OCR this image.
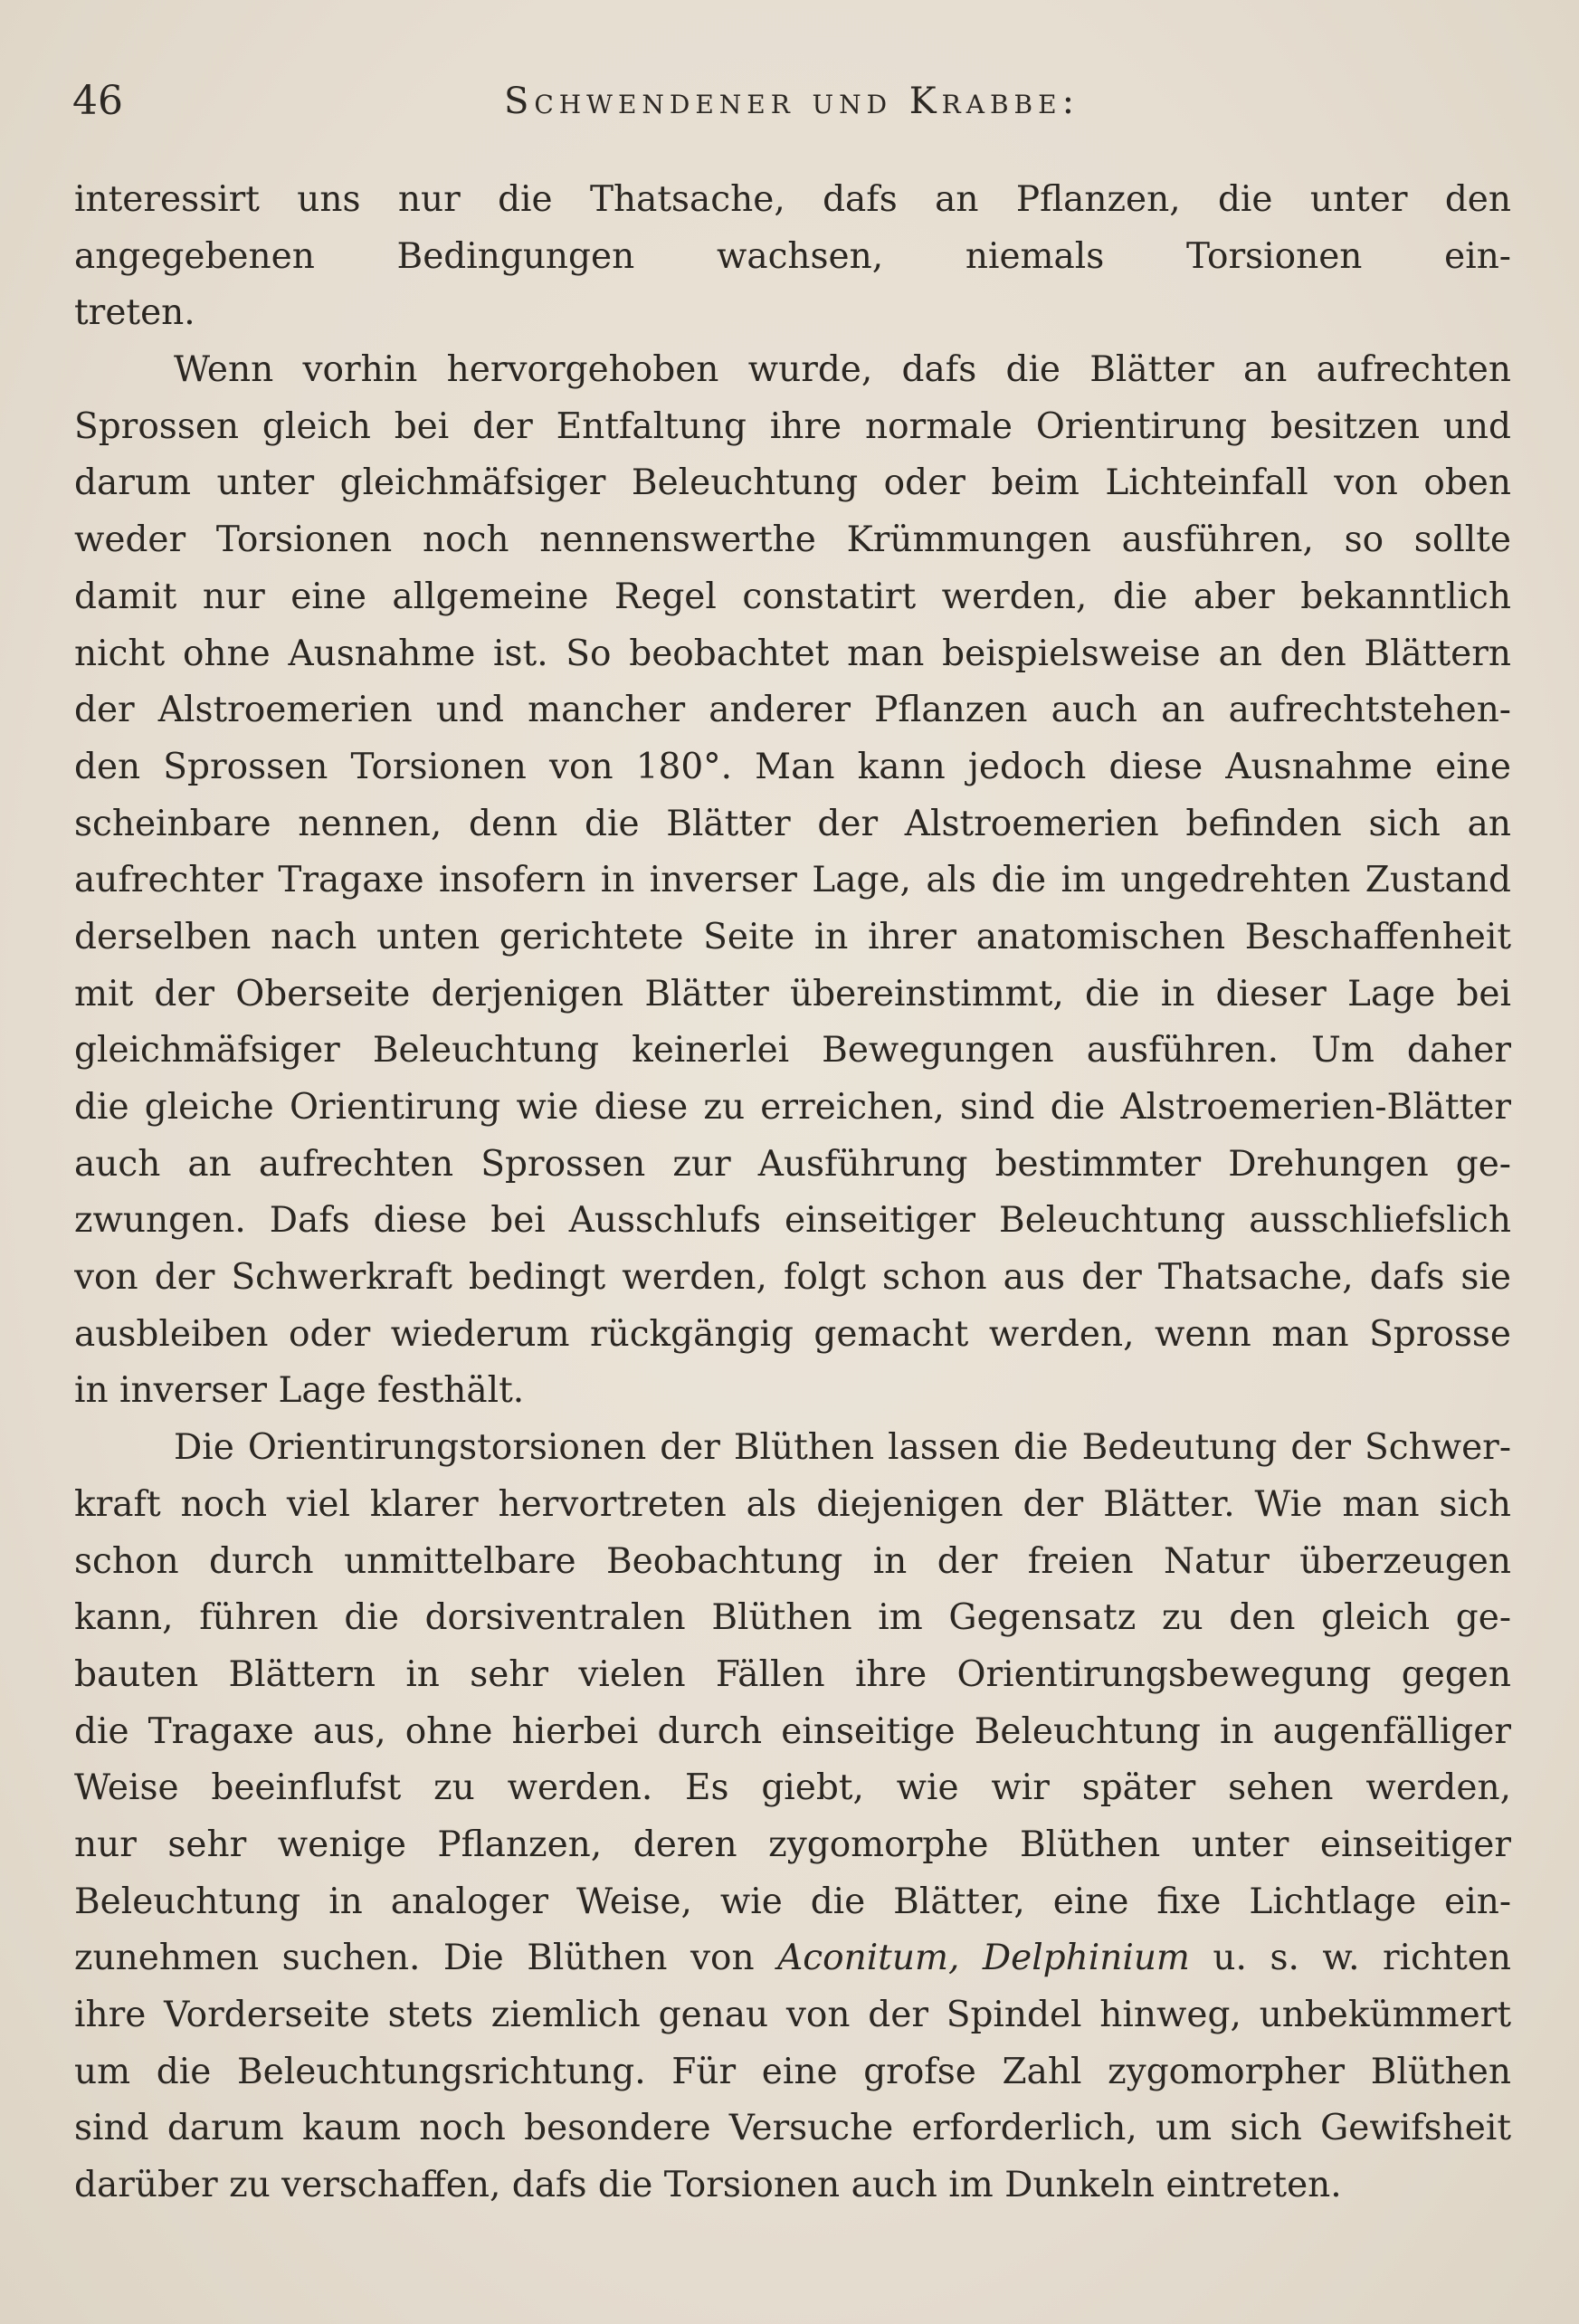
46	Schwendener und Krabbe:
interessirt uns nur die Thatsache, dafs an Pflanzen, die unter den
angegebenen Bedingungen wachsen, niemals Torsionen ein-
treten.
Wenn vorhin hervorgehoben wurde, dafs die Blätter an aufrechten
Sprossen gleich bei der Entfaltung ihre normale Orientirung besitzen und
darum unter gleichmäfsiger Beleuchtung oder beim Lichteinfall von oben
weder Torsionen noch nennenswerthe Krümmungen ausführen, so sollte
damit nur eine allgemeine Regel constatirt werden, die aber bekanntlich
nicht ohne Ausnahme ist. So beobachtet man beispielsweise an den Blättern
der Alstroemerien und mancher anderer Pflanzen auch an aufrechtstehen-
den Sprossen Torsionen von 180°. Man kann jedoch diese Ausnahme eine
scheinbare nennen, denn die Blätter der Alstroemerien befinden sich an
aufrechter Tragaxe insofern in inverser Lage, als die im ungedrehten Zustand
derselben nach unten gerichtete Seite in ihrer anatomischen Beschaffenheit
mit der Oberseite derjenigen Blätter übereinstimmt, die in dieser Lage bei
gleichmäfsiger Beleuchtung keinerlei Bewegungen ausführen. Um daher
die gleiche Orientirung wie diese zu erreichen, sind die Alstroemerien-Blätter
auch an aufrechten Sprossen zur Ausführung bestimmter Drehungen ge-
zwungen. Dafs diese bei Ausschlufs einseitiger Beleuchtung ausschliefslich
von der Schwerkraft bedingt werden, folgt schon aus der Thatsache, dafs sie
ausbleiben oder wiederum rückgängig gemacht werden, wenn man Sprosse
in inverser Lage festhält.
Die Orientirungstorsionen der Blüthen lassen die Bedeutung der Schwer-
kraft noch viel klarer hervortreten als diejenigen der Blätter. Wie man sich
schon durch unmittelbare Beobachtung in der freien Natur überzeugen
kann, führen die dorsiventralen Blüthen im Gegensatz zu den gleich ge-
bauten Blättern in sehr vielen Fällen ihre Orientirungsbewegung gegen
die Tragaxe aus, ohne hierbei durch einseitige Beleuchtung in augenfälliger
Weise beeinflufst zu werden. Es giebt, wie wir später sehen werden,
nur sehr wenige Pflanzen, deren zygomorphe Blüthen unter einseitiger
Beleuchtung in analoger Weise, wie die Blätter, eine fixe Lichtlage ein-
zunehmen suchen. Die Blüthen von Aconitum, Delphinium u. s. w. richten
ihre Vorderseite stets ziemlich genau von der Spindel hinweg, unbekümmert
um die Beleuchtungsrichtung. Für eine grofse Zahl zygomorpher Blüthen
sind darum kaum noch besondere Versuche erforderlich, um sich Gewifsheit
darüber zu verschaffen, dafs die Torsionen auch im Dunkeln eintreten.
